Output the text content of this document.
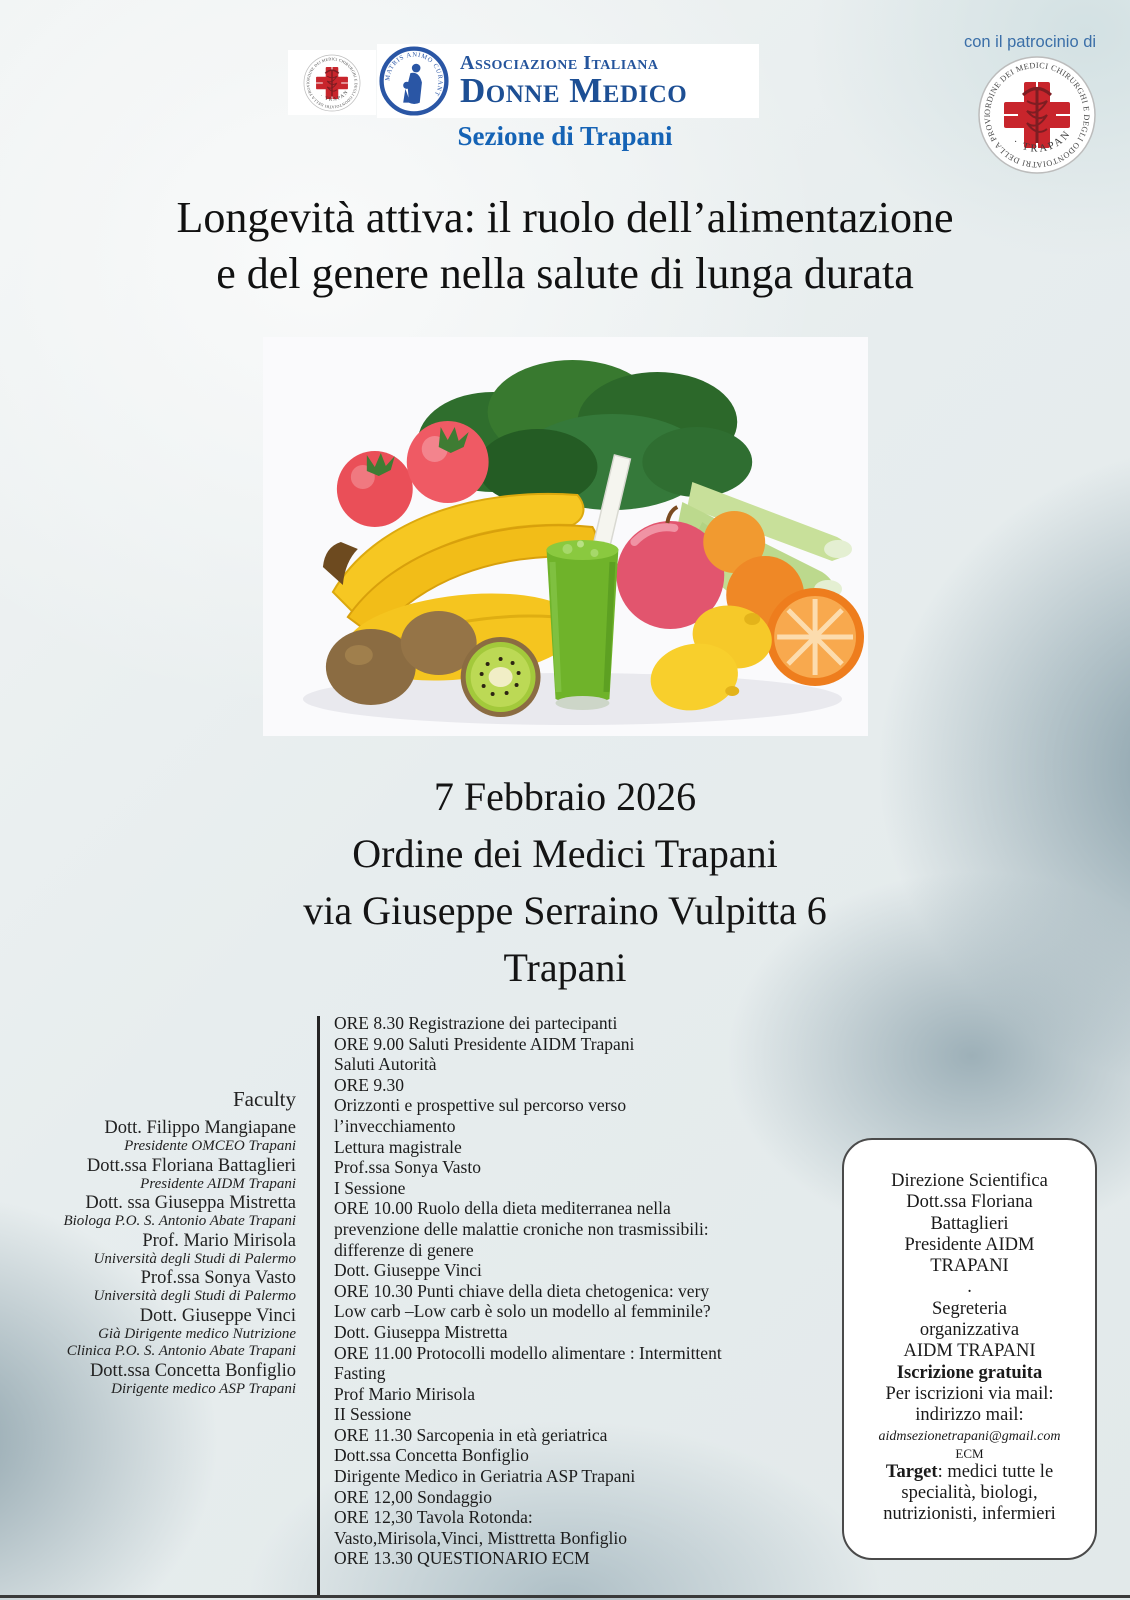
Associazione Italiana
Donne Medico
Sezione di Trapani
con il patrocinio di
Longevità attiva: il ruolo dell’alimentazione
e del genere nella salute di lunga durata
7 Febbraio 2026
Ordine dei Medici Trapani
via Giuseppe Serraino Vulpitta 6
Trapani
Faculty
Dott. Filippo Mangiapane
Presidente OMCEO Trapani
Dott.ssa Floriana Battaglieri
Presidente AIDM Trapani
Dott. ssa Giuseppa Mistretta
Biologa P.O. S. Antonio Abate Trapani
Prof. Mario Mirisola
Università degli Studi di Palermo
Prof.ssa Sonya Vasto
Università degli Studi di Palermo
Dott. Giuseppe Vinci
Già Dirigente medico Nutrizione
Clinica P.O. S. Antonio Abate Trapani
Dott.ssa Concetta Bonfiglio
Dirigente medico ASP Trapani
ORE 8.30 Registrazione dei partecipanti
ORE 9.00 Saluti Presidente AIDM Trapani
Saluti Autorità
ORE 9.30
Orizzonti e prospettive sul percorso verso
l’invecchiamento
Lettura magistrale
Prof.ssa Sonya Vasto
I Sessione
ORE 10.00 Ruolo della dieta mediterranea nella
prevenzione delle malattie croniche non trasmissibili:
differenze di genere
Dott. Giuseppe Vinci
ORE 10.30 Punti chiave della dieta chetogenica: very
Low carb –Low carb è solo un modello al femminile?
Dott. Giuseppa Mistretta
ORE 11.00 Protocolli modello alimentare : Intermittent
Fasting
Prof Mario Mirisola
II Sessione
ORE 11.30 Sarcopenia in età geriatrica
Dott.ssa Concetta Bonfiglio
Dirigente Medico in Geriatria ASP Trapani
ORE 12,00 Sondaggio
ORE 12,30 Tavola Rotonda:
Vasto,Mirisola,Vinci, Misttretta Bonfiglio
ORE 13.30 QUESTIONARIO ECM
Direzione Scientifica
Dott.ssa Floriana
Battaglieri
Presidente AIDM
TRAPANI
.
Segreteria
organizzativa
AIDM TRAPANI
Iscrizione gratuita
Per iscrizioni via mail:
indirizzo mail:
aidmsezionetrapani@gmail.com
ECM
Target: medici tutte le
specialità, biologi,
nutrizionisti, infermieri
